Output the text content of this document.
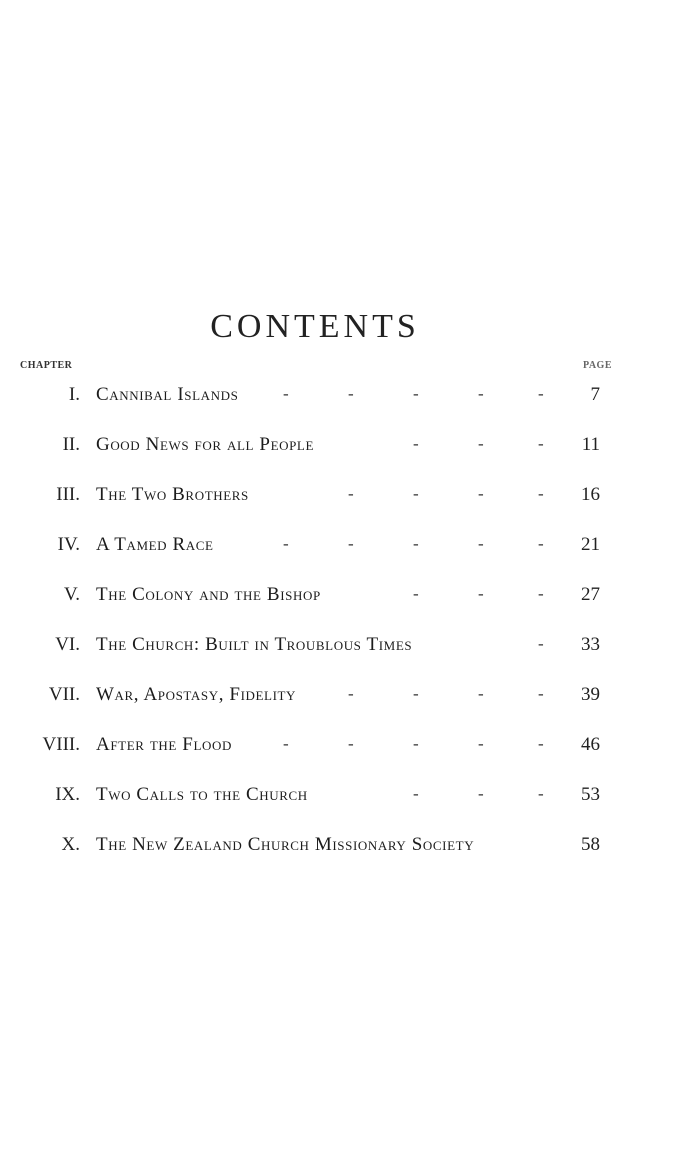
CONTENTS
CHAPTER	PAGE
I. Cannibal Islands	-	-	-	-	-	7
II. Good News for all People	-	-	-	11
III. The Two Brothers	-	-	-	-	16
IV. A Tamed Race	-	-	-	-	-	21
V. The Colony and the Bishop	-	-	-	27
VI. The Church: Built in Troublous Times	-	33
VII. War, Apostasy, Fidelity	-	-	-	-	39
VIII. After the Flood	-	-	-	-	-	46
IX. Two Calls to the Church	-	-	-	53
X. The New Zealand Church Missionary Society	58
